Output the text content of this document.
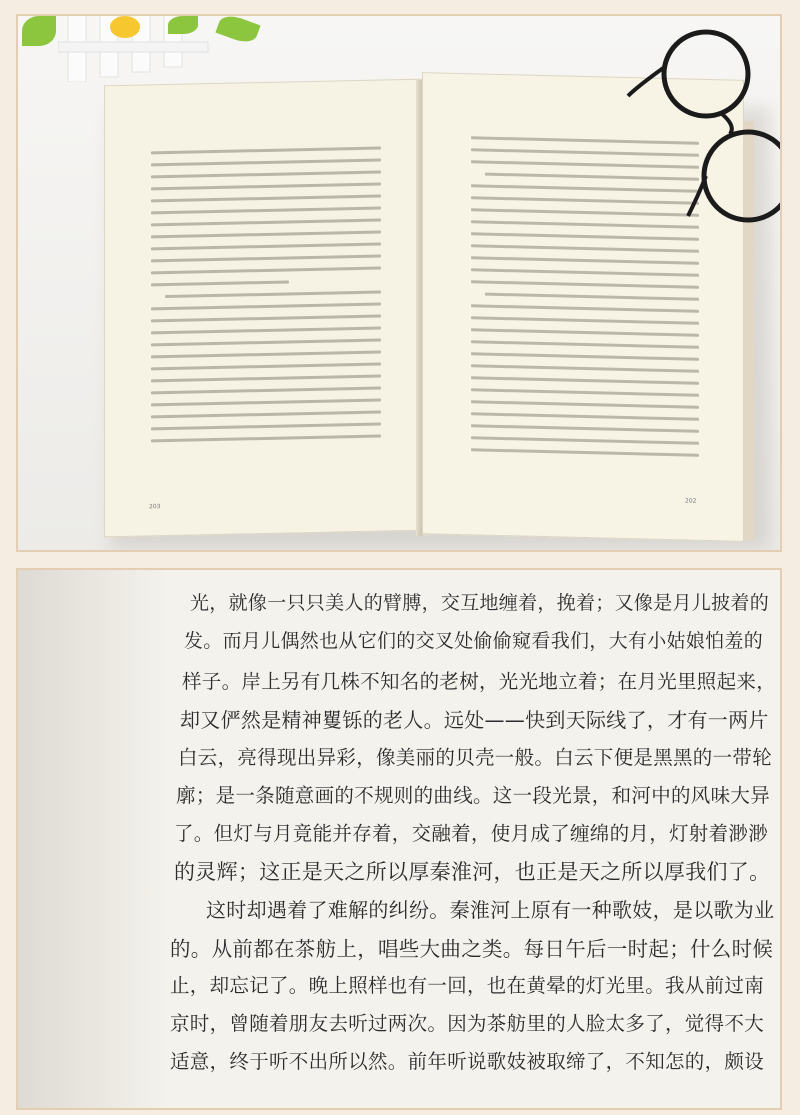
203
202
光，就像一只只美人的臂膊，交互地缠着，挽着；又像是月儿披着的
发。而月儿偶然也从它们的交叉处偷偷窥看我们，大有小姑娘怕羞的
样子。岸上另有几株不知名的老树，光光地立着；在月光里照起来，
却又俨然是精神矍铄的老人。远处——快到天际线了，才有一两片
白云，亮得现出异彩，像美丽的贝壳一般。白云下便是黑黑的一带轮
廓；是一条随意画的不规则的曲线。这一段光景，和河中的风味大异
了。但灯与月竟能并存着，交融着，使月成了缠绵的月，灯射着渺渺
的灵辉；这正是天之所以厚秦淮河，也正是天之所以厚我们了。
这时却遇着了难解的纠纷。秦淮河上原有一种歌妓，是以歌为业
的。从前都在茶舫上，唱些大曲之类。每日午后一时起；什么时候
止，却忘记了。晚上照样也有一回，也在黄晕的灯光里。我从前过南
京时，曾随着朋友去听过两次。因为茶舫里的人脸太多了，觉得不大
适意，终于听不出所以然。前年听说歌妓被取缔了，不知怎的，颇设
